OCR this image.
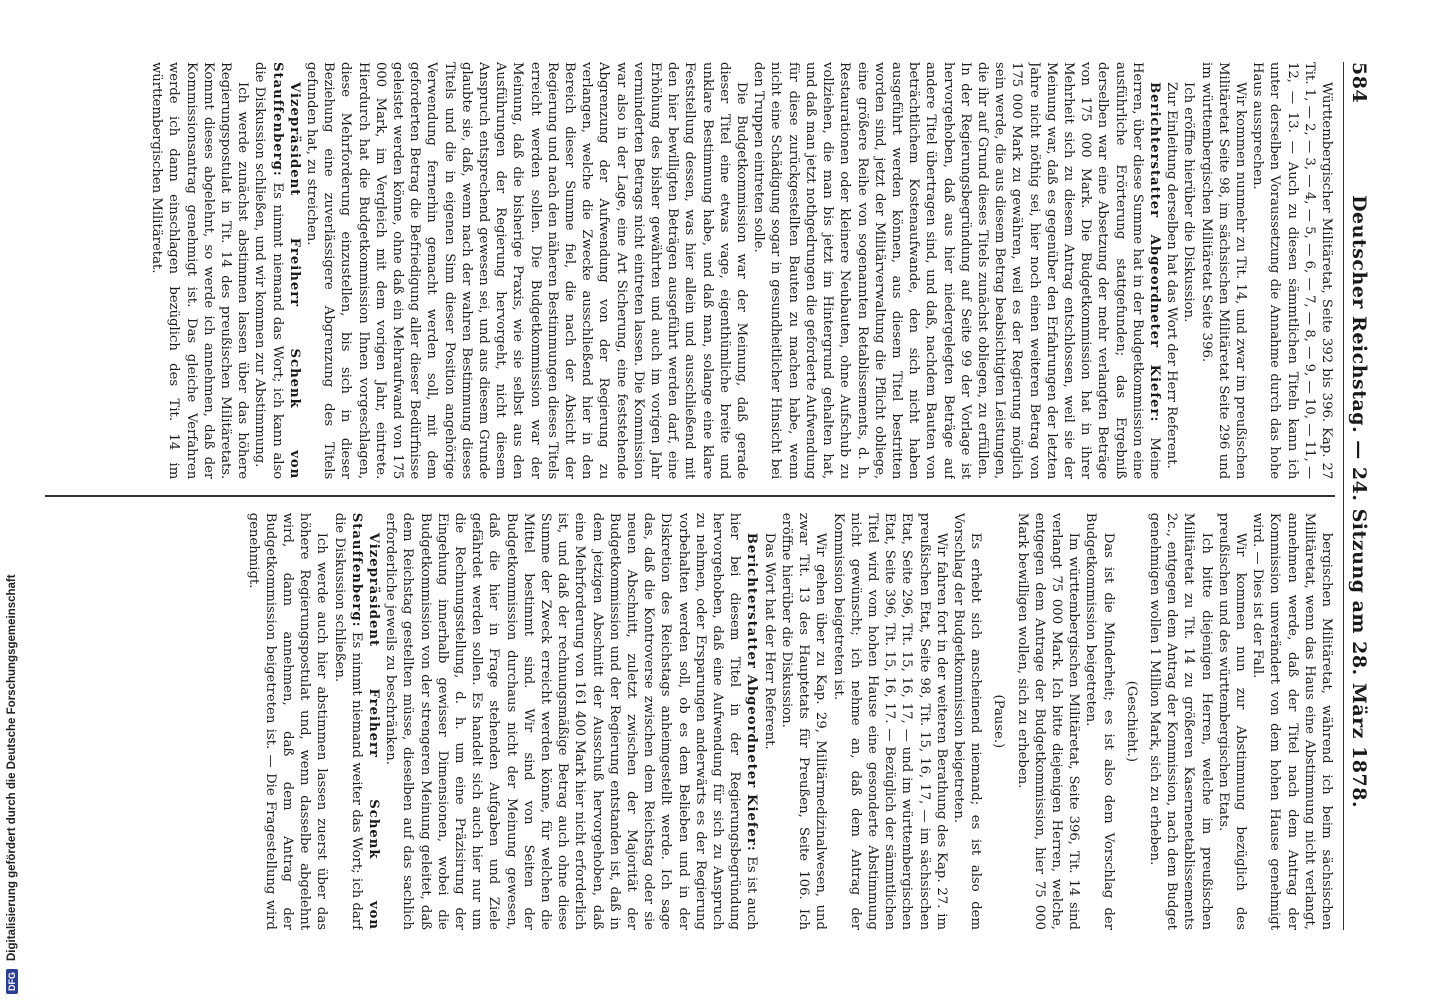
584
Deutscher Reichstag. — 24. Sitzung am 28. März 1878.

Württembergischer Militäretat, Seite 392 bis 396. Kap. 27 Tit. 1, — 2, — 3, — 4, — 5, — 6, — 7, — 8, — 9, — 10, — 11, — 12, — 13. — Auch zu diesen sämmtlichen Titeln kann ich unter derselben Voraussetzung die Annahme durch das hohe Haus aussprechen.

Wir kommen nunmehr zu Tit. 14, und zwar im preußischen Militäretat Seite 98, im sächsischen Militäretat Seite 296 und im württembergischen Militäretat Seite 396.

Ich eröffne hierüber die Diskussion.

Zur Einleitung derselben hat das Wort der Herr Referent.

Berichterstatter Abgeordneter Kiefer: Meine Herren, über diese Summe hat in der Budgetkommission eine ausführliche Erörterung stattgefunden; das Ergebniß derselben war eine Absetzung der mehr verlangten Beträge von 175 000 Mark. Die Budgetkommission hat in ihrer Mehrheit sich zu diesem Antrag entschlossen, weil sie der Meinung war, daß es gegenüber den Erfahrungen der letzten Jahre nicht nöthig sei, hier noch einen weiteren Betrag von 175 000 Mark zu gewähren, weil es der Regierung möglich sein werde, die aus diesem Betrag beabsichtigten Leistungen, die ihr auf Grund dieses Titels zunächst obliegen, zu erfüllen. In der Regierungsbegründung auf Seite 99 der Vorlage ist hervorgehoben, daß aus hier niedergelegten Beträge auf andere Titel übertragen sind, und daß, nachdem Bauten von beträchtlichem Kostenaufwande, den sich nicht haben ausgeführt werden können, aus diesem Titel bestritten worden sind, jetzt der Militärverwaltung die Pflicht obliege, eine größere Reihe von sogenannten Retablissements, d. h. Restaurationen oder kleinere Neubauten, ohne Aufschub zu vollziehen, die man bis jetzt im Hintergrund gehalten hat, und daß man jetzt nothgedrungen die geforderte Aufwendung für diese zurückgestellten Bauten zu machen habe, wenn nicht eine Schädigung sogar in gesundheitlicher Hinsicht bei den Truppen eintreten solle.

Die Budgetkommission war der Meinung, daß gerade dieser Titel eine etwas vage, eigenthümliche breite und unklare Bestimmung habe, und daß man, solange eine klare Feststellung dessen, was hier allein und ausschließend mit den hier bewilligten Beträgen ausgeführt werden darf, eine Erhöhung des bisher gewährten und auch im vorigen Jahr verminderten Betrags nicht eintreten lassen. Die Kommission war also in der Lage, eine Art Sicherung, eine feststehende Abgrenzung der Aufwendung von der Regierung zu verlangen, welche die Zwecke ausschließend hier in den Bereich dieser Summe fiel, die nach der Absicht der Regierung und nach den näheren Bestimmungen dieses Titels erreicht werden sollen. Die Budgetkommission war der Meinung, daß die bisherige Praxis, wie sie selbst aus den Ausführungen der Regierung hervorgeht, nicht diesem Anspruch entsprechend gewesen sei, und aus diesem Grunde glaubte sie, daß, wenn nach der wahren Bestimmung dieses Titels und die in eigenen Sinn dieser Position angehörige Verwendung fernerhin gemacht werden soll, mit dem geforderten Betrag die Befriedigung aller dieser Bedürfnisse geleistet werden könne, ohne daß ein Mehraufwand von 175 000 Mark, im Vergleich mit dem vorigen Jahr, eintrete. Hierdurch hat die Budgetkommission Ihnen vorgeschlagen, diese Mehrforderung einzustellen, bis sich in dieser Beziehung eine zuverlässigere Abgrenzung des Titels gefunden hat, zu streichen.

Vizepräsident Freiherr Schenk von Stauffenberg: Es nimmt niemand das Wort; ich kann also die Diskussion schließen, und wir kommen zur Abstimmung.

Ich werde zunächst abstimmen lassen über das höhere Regierungspostulat in Tit. 14 des preußischen Militäretats. Kommt dieses abgelehnt, so werde ich annehmen, daß der Kommissionsantrag genehmigt ist. Das gleiche Verfahren werde ich dann einschlagen bezüglich des Tit. 14 im württembergischen Militäretat.

bergischen Militäretat, während ich beim sächsischen Militäretat, wenn das Haus eine Abstimmung nicht verlangt, annehmen werde, daß der Titel nach dem Antrag der Kommission unverändert von dem hohen Hause genehmigt wird. — Dies ist der Fall.

Wir kommen nun zur Abstimmung bezüglich des preußischen und des württembergischen Etats.

Ich bitte diejenigen Herren, welche im preußischen Militäretat zu Tit. 14 zu größeren Kasernenetablissements 2c., entgegen dem Antrag der Kommission, nach dem Budget genehmigen wollen 1 Million Mark, sich zu erheben.

(Geschieht.)

Das ist die Minderheit; es ist also dem Vorschlag der Budgetkommission beigetreten.

Im württembergischen Militäretat, Seite 396, Tit. 14 sind verlangt 75 000 Mark. Ich bitte diejenigen Herren, welche, entgegen dem Antrage der Budgetkommission, hier 75 000 Mark bewilligen wollen, sich zu erheben.

(Pause.)

Es erhebt sich anscheinend niemand; es ist also dem Vorschlag der Budgetkommission beigetreten.

Wir fahren fort in der weiteren Berathung des Kap. 27. im preußischen Etat, Seite 98, Tit. 15, 16, 17, — im sächsischen Etat, Seite 296, Tit. 15, 16, 17, — und im württembergischen Etat, Seite 396, Tit. 15, 16, 17. — Bezüglich der sämmtlichen Titel wird vom hohen Hause eine gesonderte Abstimmung nicht gewünscht; ich nehme an, daß dem Antrag der Kommission beigetreten ist.

Wir gehen über zu Kap. 29, Militärmedizinalwesen, und zwar Tit. 13 des Hauptetats für Preußen, Seite 106. Ich eröffne hierüber die Diskussion.

Das Wort hat der Herr Referent.

Berichterstatter Abgeordneter Kiefer: Es ist auch hier bei diesem Titel in der Regierungsbegründung hervorgehoben, daß eine Aufwendung für sich zu Anspruch zu nehmen, oder Ersparungen anderwärts es der Regierung vorbehalten werden soll, ob es dem Belieben und in der Diskretion des Reichstags anheimgestellt werde. Ich sage das, daß die Kontroverse zwischen dem Reichstag oder sie neuen Abschnitt, zuletzt zwischen der Majorität der Budgetkommission und der Regierung entstanden ist, daß in dem jetzigen Abschnitt der Ausschuß hervorgehoben, daß eine Mehrforderung von 161 400 Mark hier nicht erforderlich ist, und daß der rechnungsmäßige Betrag auch ohne diese Summe der Zweck erreicht werden könne, für welchen die Mittel bestimmt sind. Wir sind von Seiten der Budgetkommission durchaus nicht der Meinung gewesen, daß die hier in Frage stehenden Aufgaben und Ziele gefährdet werden sollen. Es handelt sich auch hier nur um die Rechnungsstellung, d. h. um eine Präzisirung der Eingehung innerhalb gewisser Dimensionen, wobei die Budgetkommission von der strengeren Meinung geleitet, daß dem Reichstag gestellten müsse, dieselben auf das sachlich erforderliche jeweils zu beschränken.

Vizepräsident Freiherr Schenk von Stauffenberg: Es nimmt niemand weiter das Wort; ich darf die Diskussion schließen.

Ich werde auch hier abstimmen lassen zuerst über das höhere Regierungspostulat und, wenn dasselbe abgelehnt wird, dann annehmen, daß dem Antrag der Budgetkommission beigetreten ist. — Die Fragestellung wird genehmigt.

DFG
Digitalisierung gefördert durch die Deutsche Forschungsgemeinschaft
